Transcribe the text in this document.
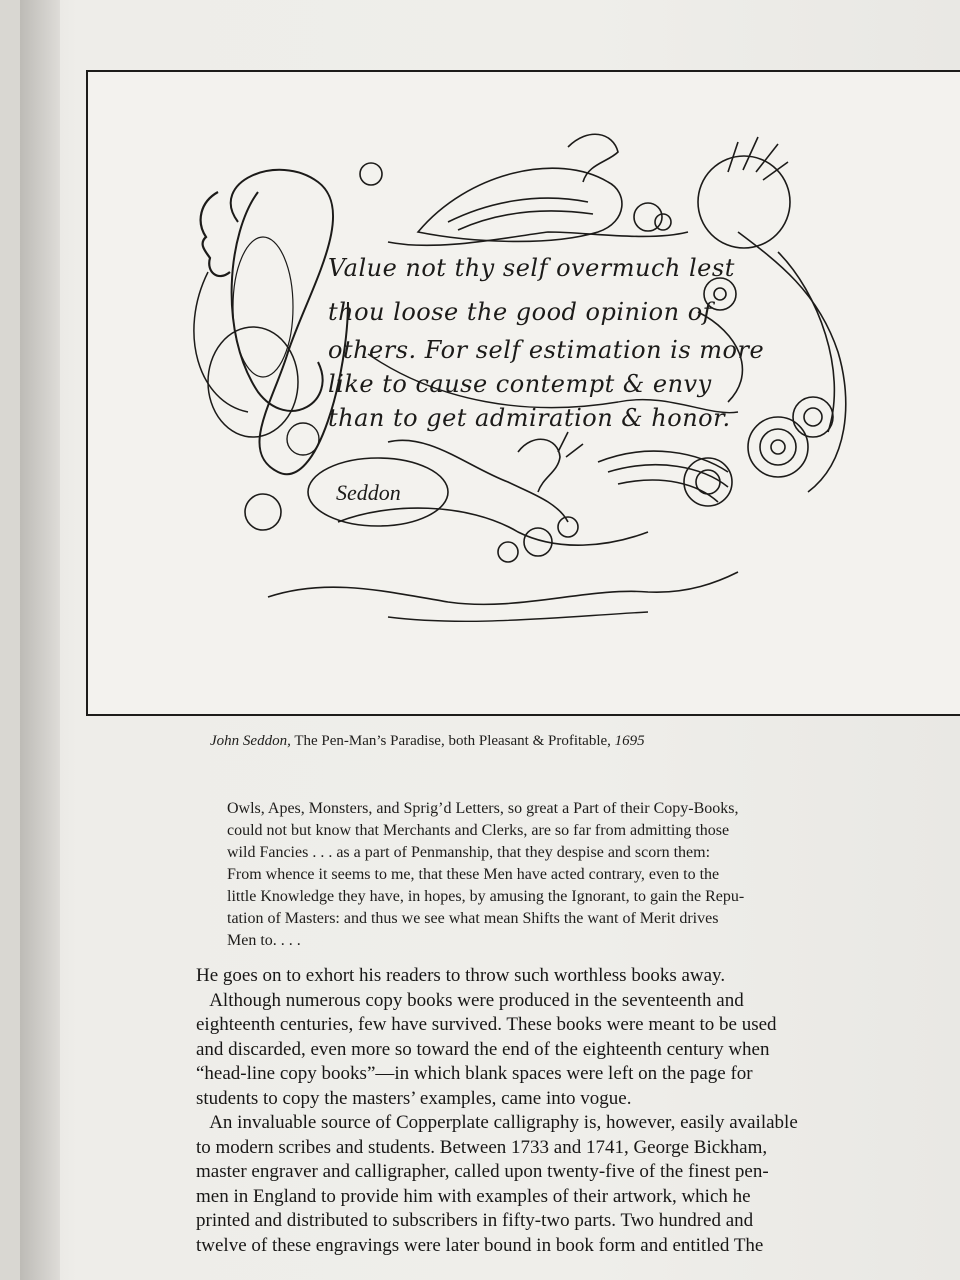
Value not thy self overmuch lest
thou loose the good opinion of
others. For self estimation is more
like to cause contempt & envy
than to get admiration & honor.
Seddon
John Seddon, The Pen-Man’s Paradise, both Pleasant & Profitable, 1695
Owls, Apes, Monsters, and Sprig’d Letters, so great a Part of their Copy-Books,
could not but know that Merchants and Clerks, are so far from admitting those
wild Fancies . . . as a part of Penmanship, that they despise and scorn them:
From whence it seems to me, that these Men have acted contrary, even to the
little Knowledge they have, in hopes, by amusing the Ignorant, to gain the Repu-
tation of Masters: and thus we see what mean Shifts the want of Merit drives
Men to. . . .
He goes on to exhort his readers to throw such worthless books away.
Although numerous copy books were produced in the seventeenth and
eighteenth centuries, few have survived. These books were meant to be used
and discarded, even more so toward the end of the eighteenth century when
“head-line copy books”—in which blank spaces were left on the page for
students to copy the masters’ examples, came into vogue.
An invaluable source of Copperplate calligraphy is, however, easily available
to modern scribes and students. Between 1733 and 1741, George Bickham,
master engraver and calligrapher, called upon twenty-five of the finest pen-
men in England to provide him with examples of their artwork, which he
printed and distributed to subscribers in fifty-two parts. Two hundred and
twelve of these engravings were later bound in book form and entitled The
